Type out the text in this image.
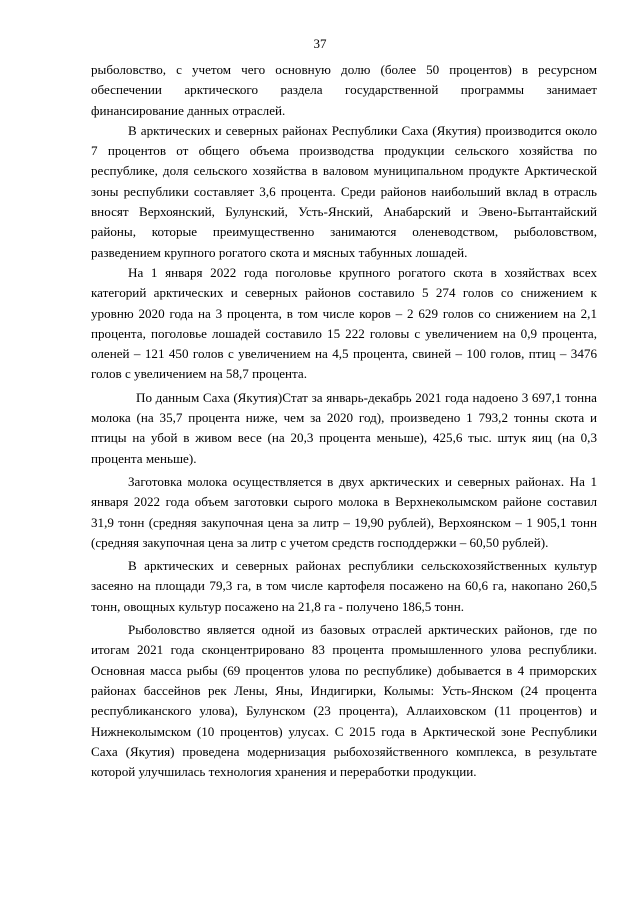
37

рыболовство, с учетом чего основную долю (более 50 процентов) в ресурсном обеспечении арктического раздела государственной программы занимает финансирование данных отраслей.

В арктических и северных районах Республики Саха (Якутия) производится около 7 процентов от общего объема производства продукции сельского хозяйства по республике, доля сельского хозяйства в валовом муниципальном продукте Арктической зоны республики составляет 3,6 процента. Среди районов наибольший вклад в отрасль вносят Верхоянский, Булунский, Усть-Янский, Анабарский и Эвено-Бытантайский районы, которые преимущественно занимаются оленеводством, рыболовством, разведением крупного рогатого скота и мясных табунных лошадей.

На 1 января 2022 года поголовье крупного рогатого скота в хозяйствах всех категорий арктических и северных районов составило 5 274 голов со снижением к уровню 2020 года на 3 процента, в том числе коров – 2 629 голов со снижением на 2,1 процента, поголовье лошадей составило 15 222 головы с увеличением на 0,9 процента, оленей – 121 450 голов с увеличением на 4,5 процента, свиней – 100 голов, птиц – 3476 голов с увеличением на 58,7 процента.

По данным Саха (Якутия)Стат за январь-декабрь 2021 года надоено 3 697,1 тонна молока (на 35,7 процента ниже, чем за 2020 год), произведено 1 793,2 тонны скота и птицы на убой в живом весе (на 20,3 процента меньше), 425,6 тыс. штук яиц (на 0,3 процента меньше).

Заготовка молока осуществляется в двух арктических и северных районах. На 1 января 2022 года объем заготовки сырого молока в Верхнеколымском районе составил 31,9 тонн (средняя закупочная цена за литр – 19,90 рублей), Верхоянском – 1 905,1 тонн (средняя закупочная цена за литр с учетом средств господдержки – 60,50 рублей).

В арктических и северных районах республики сельскохозяйственных культур засеяно на площади 79,3 га, в том числе картофеля посажено на 60,6 га, накопано 260,5 тонн, овощных культур посажено на 21,8 га - получено 186,5 тонн.

Рыболовство является одной из базовых отраслей арктических районов, где по итогам 2021 года сконцентрировано 83 процента промышленного улова республики. Основная масса рыбы (69 процентов улова по республике) добывается в 4 приморских районах бассейнов рек Лены, Яны, Индигирки, Колымы: Усть-Янском (24 процента республиканского улова), Булунском (23 процента), Аллаиховском (11 процентов) и Нижнеколымском (10 процентов) улусах. С 2015 года в Арктической зоне Республики Саха (Якутия) проведена модернизация рыбохозяйственного комплекса, в результате которой улучшилась технология хранения и переработки продукции.
